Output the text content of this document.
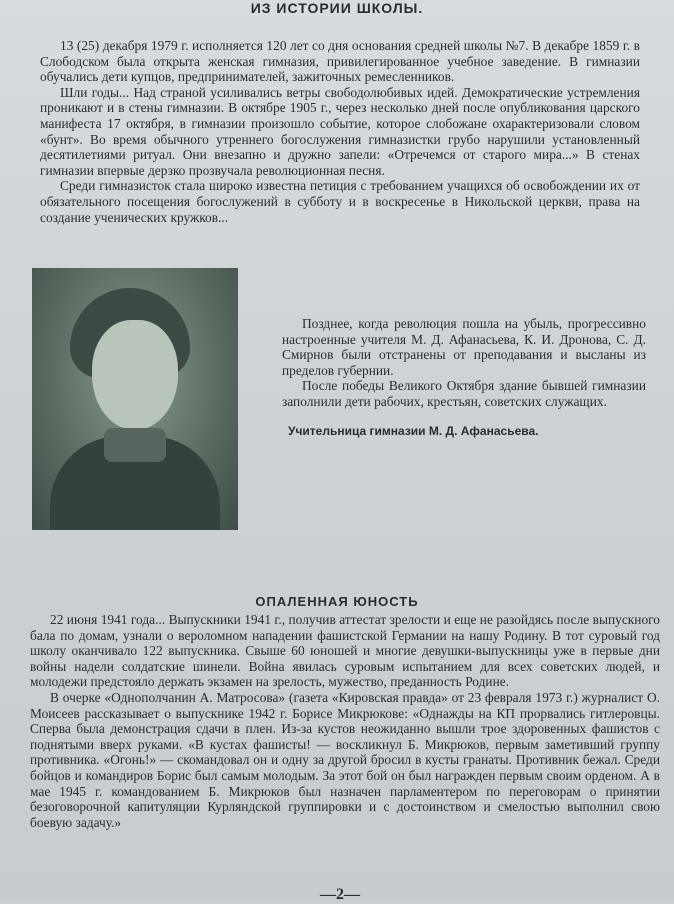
ИЗ ИСТОРИИ ШКОЛЫ.

13 (25) декабря 1979 г. исполняется 120 лет со дня основания средней школы №7. В декабре 1859 г. в Слободском была открыта женская гимназия, привилегированное учебное заведение. В гимназии обучались дети купцов, предпринимателей, зажиточных ремесленников.

Шли годы... Над страной усиливались ветры свободолюбивых идей. Демократические устремления проникают и в стены гимназии. В октябре 1905 г., через несколько дней после опубликования царского манифеста 17 октября, в гимназии произошло событие, которое слобожане охарактеризовали словом «бунт». Во время обычного утреннего богослужения гимназистки грубо нарушили установленный десятилетиями ритуал. Они внезапно и дружно запели: «Отречемся от старого мира...» В стенах гимназии впервые дерзко прозвучала революционная песня.

Среди гимназисток стала широко известна петиция с требованием учащихся об освобождении их от обязательного посещения богослужений в субботу и в воскресенье в Никольской церкви, права на создание ученических кружков...

Позднее, когда революция пошла на убыль, прогрессивно настроенные учителя М. Д. Афанасьева, К. И. Дронова, С. Д. Смирнов были отстранены от преподавания и высланы из пределов губернии.

После победы Великого Октября здание бывшей гимназии заполнили дети рабочих, крестьян, советских служащих.

Учительница гимназии М. Д. Афанасьева.
ОПАЛЕННАЯ ЮНОСТЬ

22 июня 1941 года... Выпускники 1941 г., получив аттестат зрелости и еще не разойдясь после выпускного бала по домам, узнали о вероломном нападении фашистской Германии на нашу Родину. В тот суровый год школу оканчивало 122 выпускника. Свыше 60 юношей и многие девушки-выпускницы уже в первые дни войны надели солдатские шинели. Война явилась суровым испытанием для всех советских людей, и молодежи предстояло держать экзамен на зрелость, мужество, преданность Родине.

В очерке «Однополчанин А. Матросова» (газета «Кировская правда» от 23 февраля 1973 г.) журналист О. Моисеев рассказывает о выпускнике 1942 г. Борисе Микрюкове: «Однажды на КП прорвались гитлеровцы. Сперва была демонстрация сдачи в плен. Из-за кустов неожиданно вышли трое здоровенных фашистов с поднятыми вверх руками. «В кустах фашисты! — воскликнул Б. Микрюков, первым заметивший группу противника. «Огонь!» — скомандовал он и одну за другой бросил в кусты гранаты. Противник бежал. Среди бойцов и командиров Борис был самым молодым. За этот бой он был награжден первым своим орденом. А в мае 1945 г. командованием Б. Микрюков был назначен парламентером по переговорам о принятии безоговорочной капитуляции Курляндской группировки и с достоинством и смелостью выполнил свою боевую задачу.»

—2—
